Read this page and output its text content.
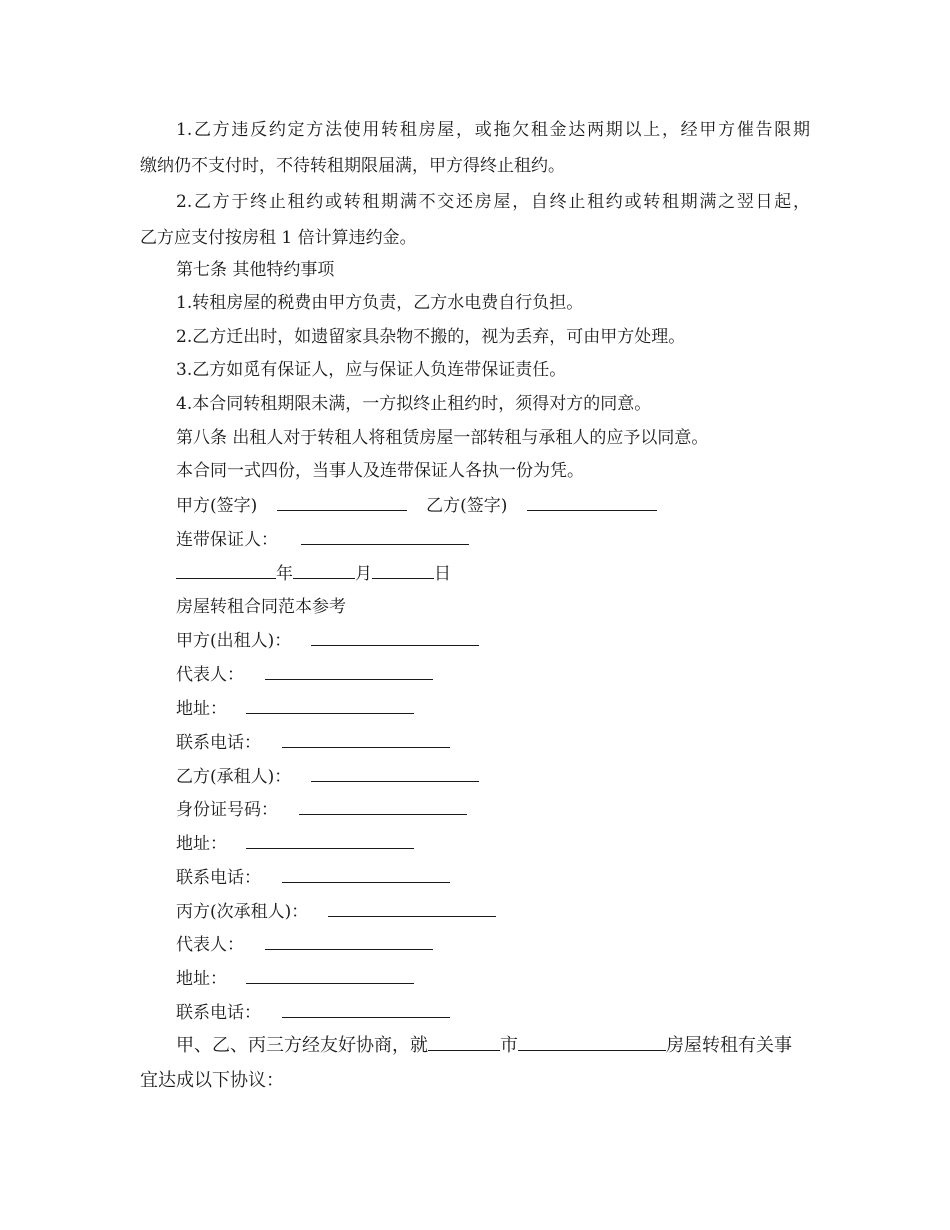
1.乙方违反约定方法使用转租房屋，或拖欠租金达两期以上，经甲方催告限期
缴纳仍不支付时，不待转租期限届满，甲方得终止租约。
2.乙方于终止租约或转租期满不交还房屋，自终止租约或转租期满之翌日起，
乙方应支付按房租 1 倍计算违约金。
第七条 其他特约事项
1.转租房屋的税费由甲方负责，乙方水电费自行负担。
2.乙方迁出时，如遗留家具杂物不搬的，视为丢弃，可由甲方处理。
3.乙方如觅有保证人，应与保证人负连带保证责任。
4.本合同转租期限未满，一方拟终止租约时，须得对方的同意。
第八条 出租人对于转租人将租赁房屋一部转租与承租人的应予以同意。
本合同一式四份，当事人及连带保证人各执一份为凭。
甲方(签字)	乙方(签字)
连带保证人：
年	月	日
房屋转租合同范本参考
甲方(出租人)：
代表人：
地址：
联系电话：
乙方(承租人)：
身份证号码：
地址：
联系电话：
丙方(次承租人)：
代表人：
地址：
联系电话：
甲、乙、丙三方经友好协商，就	市	房屋转租有关事
宜达成以下协议：
